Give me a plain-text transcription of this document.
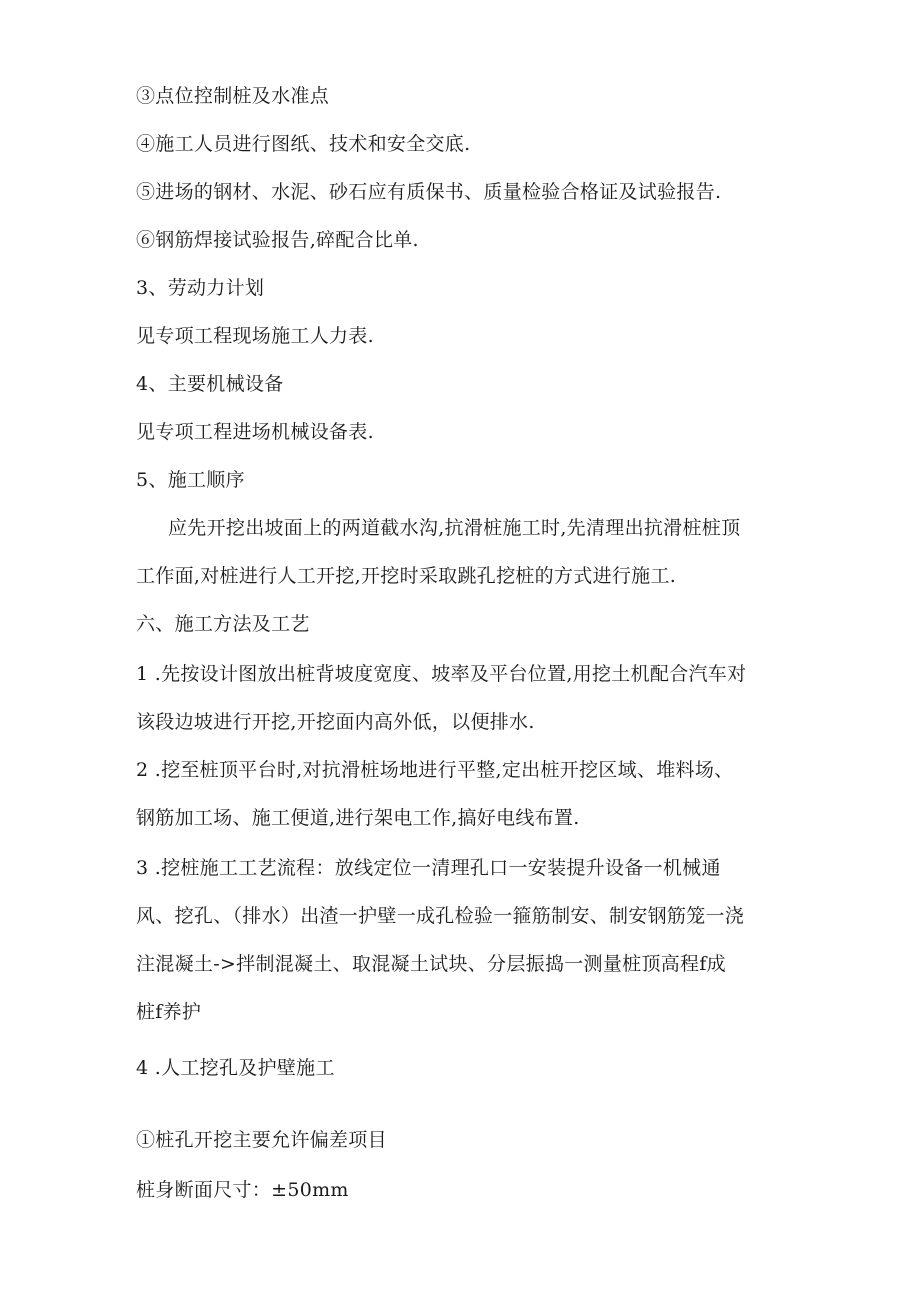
③点位控制桩及水准点
④施工人员进行图纸、技术和安全交底.
⑤进场的钢材、水泥、砂石应有质保书、质量检验合格证及试验报告.
⑥钢筋焊接试验报告,碎配合比单.
3、劳动力计划
见专项工程现场施工人力表.
4、主要机械设备
见专项工程进场机械设备表.
5、施工顺序
应先开挖出坡面上的两道截水沟,抗滑桩施工时,先清理出抗滑桩桩顶
工作面,对桩进行人工开挖,开挖时采取跳孔挖桩的方式进行施工.
六、施工方法及工艺
1 .先按设计图放出桩背坡度宽度、坡率及平台位置,用挖土机配合汽车对
该段边坡进行开挖,开挖面内高外低，以便排水.
2 .挖至桩顶平台时,对抗滑桩场地进行平整,定出桩开挖区域、堆料场、
钢筋加工场、施工便道,进行架电工作,搞好电线布置.
3 .挖桩施工工艺流程：放线定位一清理孔口一安装提升设备一机械通
风、挖孔、（排水）出渣一护壁一成孔检验一箍筋制安、制安钢筋笼一浇
注混凝土->拌制混凝土、取混凝土试块、分层振捣一测量桩顶高程f成
桩f养护
4 .人工挖孔及护壁施工
①桩孔开挖主要允许偏差项目
桩身断面尺寸：±50mm
